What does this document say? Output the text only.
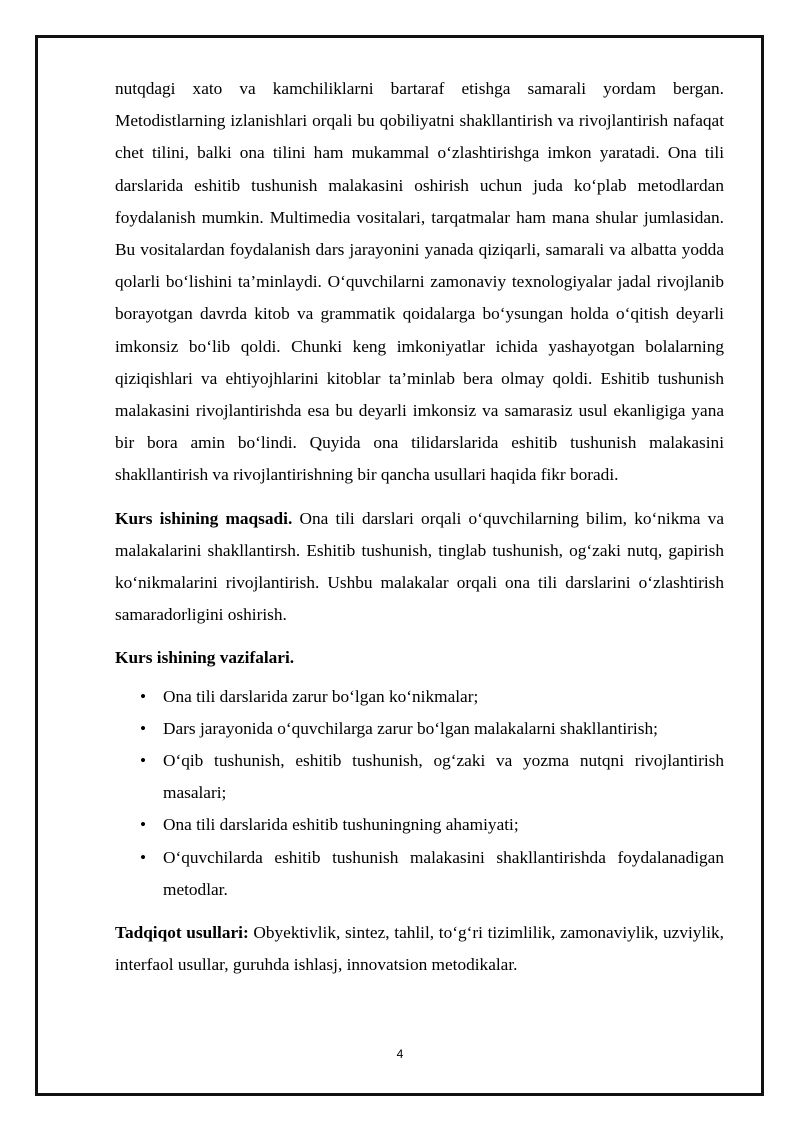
nutqdagi xato va kamchiliklarni bartaraf etishga samarali yordam bergan. Metodistlarning izlanishlari orqali bu qobiliyatni shakllantirish va rivojlantirish nafaqat chet tilini, balki ona tilini ham mukammal o‘zlashtirishga imkon yaratadi. Ona tili darslarida eshitib tushunish malakasini oshirish uchun juda ko‘plab metodlardan foydalanish mumkin. Multimedia vositalari, tarqatmalar ham mana shular jumlasidan. Bu vositalardan foydalanish dars jarayonini yanada qiziqarli, samarali va albatta yodda qolarli bo‘lishini ta’minlaydi. O‘quvchilarni zamonaviy texnologiyalar jadal rivojlanib borayotgan davrda kitob va grammatik qoidalarga bo‘ysungan holda o‘qitish deyarli imkonsiz bo‘lib qoldi. Chunki keng imkoniyatlar ichida yashayotgan bolalarning qiziqishlari va ehtiyojhlarini kitoblar ta’minlab bera olmay qoldi. Eshitib tushunish malakasini rivojlantirishda esa bu deyarli imkonsiz va samarasiz usul ekanligiga yana bir bora amin bo‘lindi. Quyida ona tilidarslarida eshitib tushunish malakasini shakllantirish va rivojlantirishning bir qancha usullari haqida fikr boradi.

Kurs ishining maqsadi. Ona tili darslari orqali o‘quvchilarning bilim, ko‘nikma va malakalarini shakllantirsh. Eshitib tushunish, tinglab tushunish, og‘zaki nutq, gapirish ko‘nikmalarini rivojlantirish. Ushbu malakalar orqali ona tili darslarini o‘zlashtirish samaradorligini oshirish.

Kurs ishining vazifalari.

• Ona tili darslarida zarur bo‘lgan ko‘nikmalar;
• Dars jarayonida o‘quvchilarga zarur bo‘lgan malakalarni shakllantirish;
• O‘qib tushunish, eshitib tushunish, og‘zaki va yozma nutqni rivojlantirish masalari;
• Ona tili darslarida eshitib tushuningning ahamiyati;
• O‘quvchilarda eshitib tushunish malakasini shakllantirishda foydalanadigan metodlar.

Tadqiqot usullari: Obyektivlik, sintez, tahlil, to‘g‘ri tizimlilik, zamonaviylik, uzviylik, interfaol usullar, guruhda ishlasj, innovatsion metodikalar.

4
